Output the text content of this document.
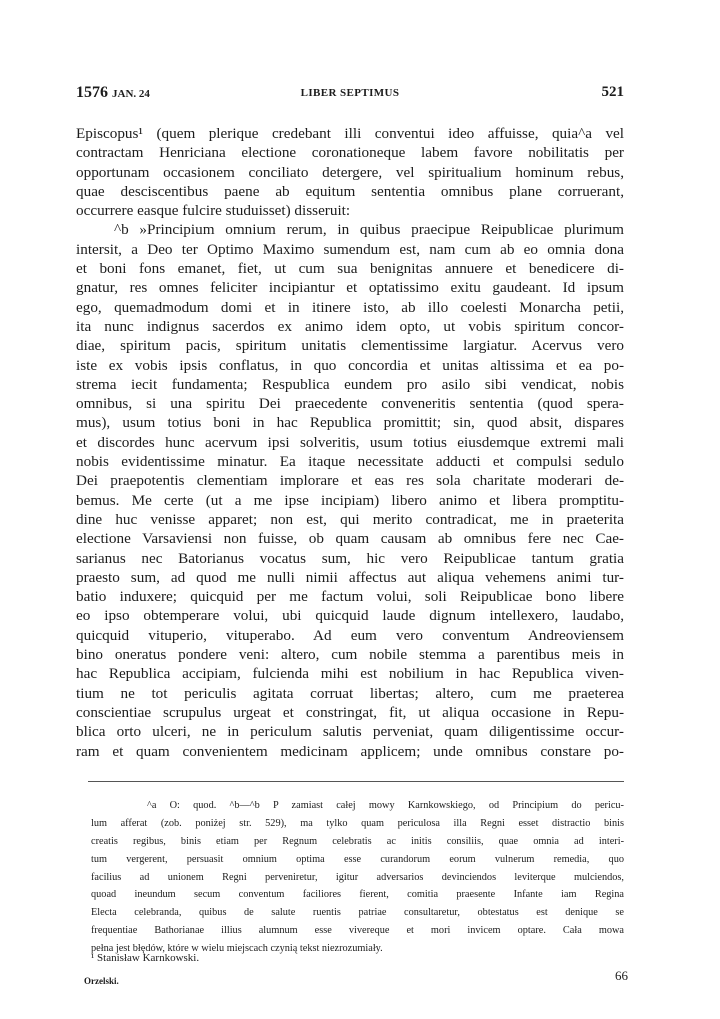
1576 JAN. 24	LIBER SEPTIMUS	521
Episcopus¹ (quem plerique credebant illi conventui ideo affuisse, quia^a vel
contractam Henriciana electione coronationeque labem favore nobilitatis per
opportunam occasionem conciliato detergere, vel spiritualium hominum rebus,
quae desciscentibus paene ab equitum sententia omnibus plane corruerant,
occurrere easque fulcire studuisset) disseruit:
^b »Principium omnium rerum, in quibus praecipue Reipublicae plurimum
intersit, a Deo ter Optimo Maximo sumendum est, nam cum ab eo omnia dona
et boni fons emanet, fiet, ut cum sua benignitas annuere et benedicere di-
gnatur, res omnes feliciter incipiantur et optatissimo exitu gaudeant. Id ipsum
ego, quemadmodum domi et in itinere isto, ab illo coelesti Monarcha petii,
ita nunc indignus sacerdos ex animo idem opto, ut vobis spiritum concor-
diae, spiritum pacis, spiritum unitatis clementissime largiatur. Acervus vero
iste ex vobis ipsis conflatus, in quo concordia et unitas altissima et ea po-
strema iecit fundamenta; Respublica eundem pro asilo sibi vendicat, nobis
omnibus, si una spiritu Dei praecedente conveneritis sententia (quod spera-
mus), usum totius boni in hac Republica promittit; sin, quod absit, dispares
et discordes hunc acervum ipsi solveritis, usum totius eiusdemque extremi mali
nobis evidentissime minatur. Ea itaque necessitate adducti et compulsi sedulo
Dei praepotentis clementiam implorare et eas res sola charitate moderari de-
bemus. Me certe (ut a me ipse incipiam) libero animo et libera promptitu-
dine huc venisse apparet; non est, qui merito contradicat, me in praeterita
electione Varsaviensi non fuisse, ob quam causam ab omnibus fere nec Cae-
sarianus nec Batorianus vocatus sum, hic vero Reipublicae tantum gratia
praesto sum, ad quod me nulli nimii affectus aut aliqua vehemens animi tur-
batio induxere; quicquid per me factum volui, soli Reipublicae bono libere
eo ipso obtemperare volui, ubi quicquid laude dignum intellexero, laudabo,
quicquid vituperio, vituperabo. Ad eum vero conventum Andreoviensem
bino oneratus pondere veni: altero, cum nobile stemma a parentibus meis in
hac Republica accipiam, fulcienda mihi est nobilium in hac Republica viven-
tium ne tot periculis agitata corruat libertas; altero, cum me praeterea
conscientiae scrupulus urgeat et constringat, fit, ut aliqua occasione in Repu-
blica orto ulceri, ne in periculum salutis perveniat, quam diligentissime occur-
ram et quam convenientem medicinam applicem; unde omnibus constare po-
^a O: quod. ^b—^b P zamiast całej mowy Karnkowskiego, od Principium do pericu-
lum afferat (zob. poniżej str. 529), ma tylko quam periculosa illa Regni esset distractio binis
creatis regibus, binis etiam per Regnum celebratis ac initis consiliis, quae omnia ad interi-
tum vergerent, persuasit omnium optima esse curandorum eorum vulnerum remedia, quo
facilius ad unionem Regni perveniretur, igitur adversarios devinciendos leviterque mulciendos,
quoad ineundum secum conventum faciliores fierent, comitia praesente Infante iam Regina
Electa celebranda, quibus de salute ruentis patriae consultaretur, obtestatus est denique se
frequentiae Bathorianae illius alumnum esse vivereque et mori invicem optare. Cała mowa
pełna jest błędów, które w wielu miejscach czynią tekst niezrozumiały.
¹ Stanisław Karnkowski.
Orzelski.	66
